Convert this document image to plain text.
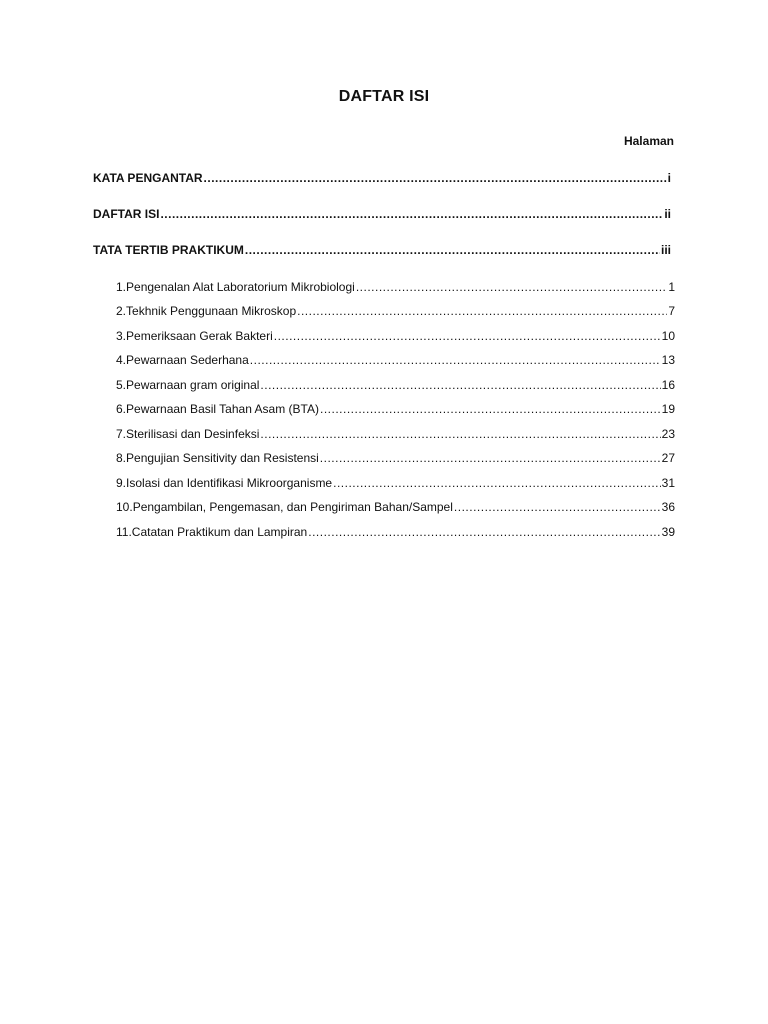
DAFTAR ISI
Halaman
KATA PENGANTAR .....	i
DAFTAR ISI .....	ii
TATA TERTIB PRAKTIKUM .....	iii
1. Pengenalan Alat Laboratorium Mikrobiologi .....	1
2. Tekhnik Penggunaan Mikroskop .....	7
3. Pemeriksaan Gerak Bakteri .....	10
4. Pewarnaan Sederhana .....	13
5. Pewarnaan gram original .....	16
6. Pewarnaan Basil Tahan Asam (BTA) .....	19
7. Sterilisasi dan Desinfeksi .....	23
8. Pengujian Sensitivity dan Resistensi .....	27
9. Isolasi dan Identifikasi Mikroorganisme .....	31
10. Pengambilan, Pengemasan, dan Pengiriman Bahan/Sampel .....	36
11. Catatan Praktikum dan Lampiran .....	39
